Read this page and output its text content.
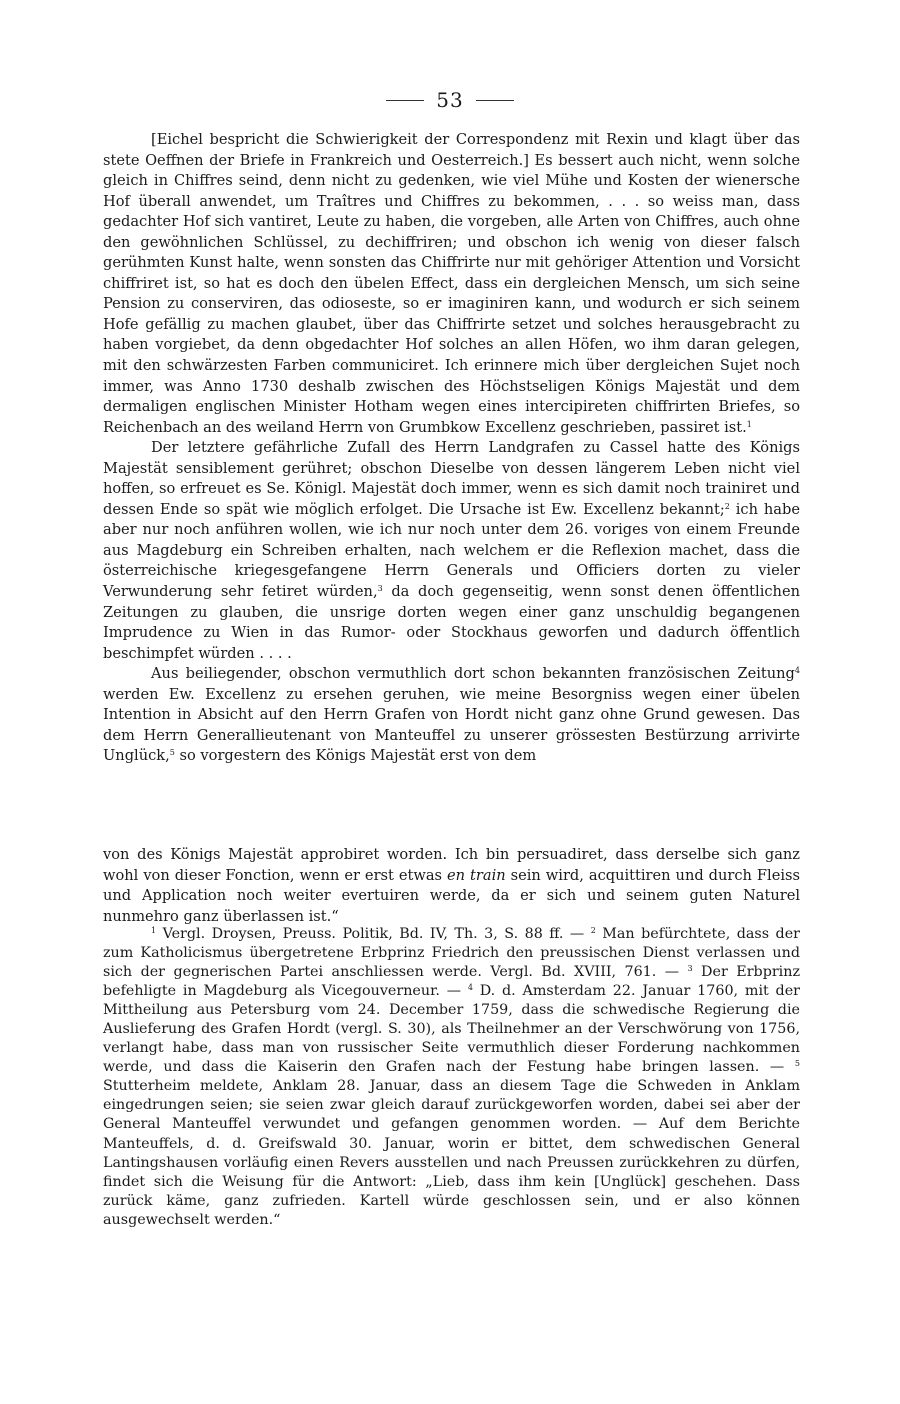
53

[Eichel bespricht die Schwierigkeit der Correspondenz mit Rexin und klagt über das stete Oeffnen der Briefe in Frankreich und Oesterreich.] Es bessert auch nicht, wenn solche gleich in Chiffres seind, denn nicht zu gedenken, wie viel Mühe und Kosten der wienersche Hof überall anwendet, um Traîtres und Chiffres zu bekommen, . . . so weiss man, dass gedachter Hof sich vantiret, Leute zu haben, die vorgeben, alle Arten von Chiffres, auch ohne den gewöhnlichen Schlüssel, zu dechiffriren; und obschon ich wenig von dieser falsch gerühmten Kunst halte, wenn sonsten das Chiffrirte nur mit gehöriger Attention und Vorsicht chiffriret ist, so hat es doch den übelen Effect, dass ein dergleichen Mensch, um sich seine Pension zu conserviren, das odioseste, so er imaginiren kann, und wodurch er sich seinem Hofe gefällig zu machen glaubet, über das Chiffrirte setzet und solches herausgebracht zu haben vorgiebet, da denn obgedachter Hof solches an allen Höfen, wo ihm daran gelegen, mit den schwärzesten Farben communiciret. Ich erinnere mich über dergleichen Sujet noch immer, was Anno 1730 deshalb zwischen des Höchstseligen Königs Majestät und dem dermaligen englischen Minister Hotham wegen eines intercipireten chiffrirten Briefes, so Reichenbach an des weiland Herrn von Grumbkow Excellenz geschrieben, passiret ist.$^1$

Der letztere gefährliche Zufall des Herrn Landgrafen zu Cassel hatte des Königs Majestät sensiblement gerühret; obschon Dieselbe von dessen längerem Leben nicht viel hoffen, so erfreuet es Se. Königl. Majestät doch immer, wenn es sich damit noch trainiret und dessen Ende so spät wie möglich erfolget. Die Ursache ist Ew. Excellenz bekannt;$^2$ ich habe aber nur noch anführen wollen, wie ich nur noch unter dem 26. voriges von einem Freunde aus Magdeburg ein Schreiben erhalten, nach welchem er die Reflexion machet, dass die österreichische kriegesgefangene Herrn Generals und Officiers dorten zu vieler Verwunderung sehr fetiret würden,$^3$ da doch gegenseitig, wenn sonst denen öffentlichen Zeitungen zu glauben, die unsrige dorten wegen einer ganz unschuldig begangenen Imprudence zu Wien in das Rumor- oder Stockhaus geworfen und dadurch öffentlich beschimpfet würden . . . .

Aus beiliegender, obschon vermuthlich dort schon bekannten französischen Zeitung$^4$ werden Ew. Excellenz zu ersehen geruhen, wie meine Besorgniss wegen einer übelen Intention in Absicht auf den Herrn Grafen von Hordt nicht ganz ohne Grund gewesen. Das dem Herrn Generallieutenant von Manteuffel zu unserer grössesten Bestürzung arrivirte Unglück,$^5$ so vorgestern des Königs Majestät erst von dem

von des Königs Majestät approbiret worden. Ich bin persuadiret, dass derselbe sich ganz wohl von dieser Fonction, wenn er erst etwas en train sein wird, acquittiren und durch Fleiss und Application noch weiter evertuiren werde, da er sich und seinem guten Naturel nunmehro ganz überlassen ist.“

$^1$ Vergl. Droysen, Preuss. Politik, Bd. IV, Th. 3, S. 88 ff. — $^2$ Man befürchtete, dass der zum Katholicismus übergetretene Erbprinz Friedrich den preussischen Dienst verlassen und sich der gegnerischen Partei anschliessen werde. Vergl. Bd. XVIII, 761. — $^3$ Der Erbprinz befehligte in Magdeburg als Vicegouverneur. — $^4$ D. d. Amsterdam 22. Januar 1760, mit der Mittheilung aus Petersburg vom 24. December 1759, dass die schwedische Regierung die Auslieferung des Grafen Hordt (vergl. S. 30), als Theilnehmer an der Verschwörung von 1756, verlangt habe, dass man von russischer Seite vermuthlich dieser Forderung nachkommen werde, und dass die Kaiserin den Grafen nach der Festung habe bringen lassen. — $^5$ Stutterheim meldete, Anklam 28. Januar, dass an diesem Tage die Schweden in Anklam eingedrungen seien; sie seien zwar gleich darauf zurückgeworfen worden, dabei sei aber der General Manteuffel verwundet und gefangen genommen worden. — Auf dem Berichte Manteuffels, d. d. Greifswald 30. Januar, worin er bittet, dem schwedischen General Lantingshausen vorläufig einen Revers ausstellen und nach Preussen zurückkehren zu dürfen, findet sich die Weisung für die Antwort: „Lieb, dass ihm kein [Unglück] geschehen. Dass zurück käme, ganz zufrieden. Kartell würde geschlossen sein, und er also können ausgewechselt werden.“
